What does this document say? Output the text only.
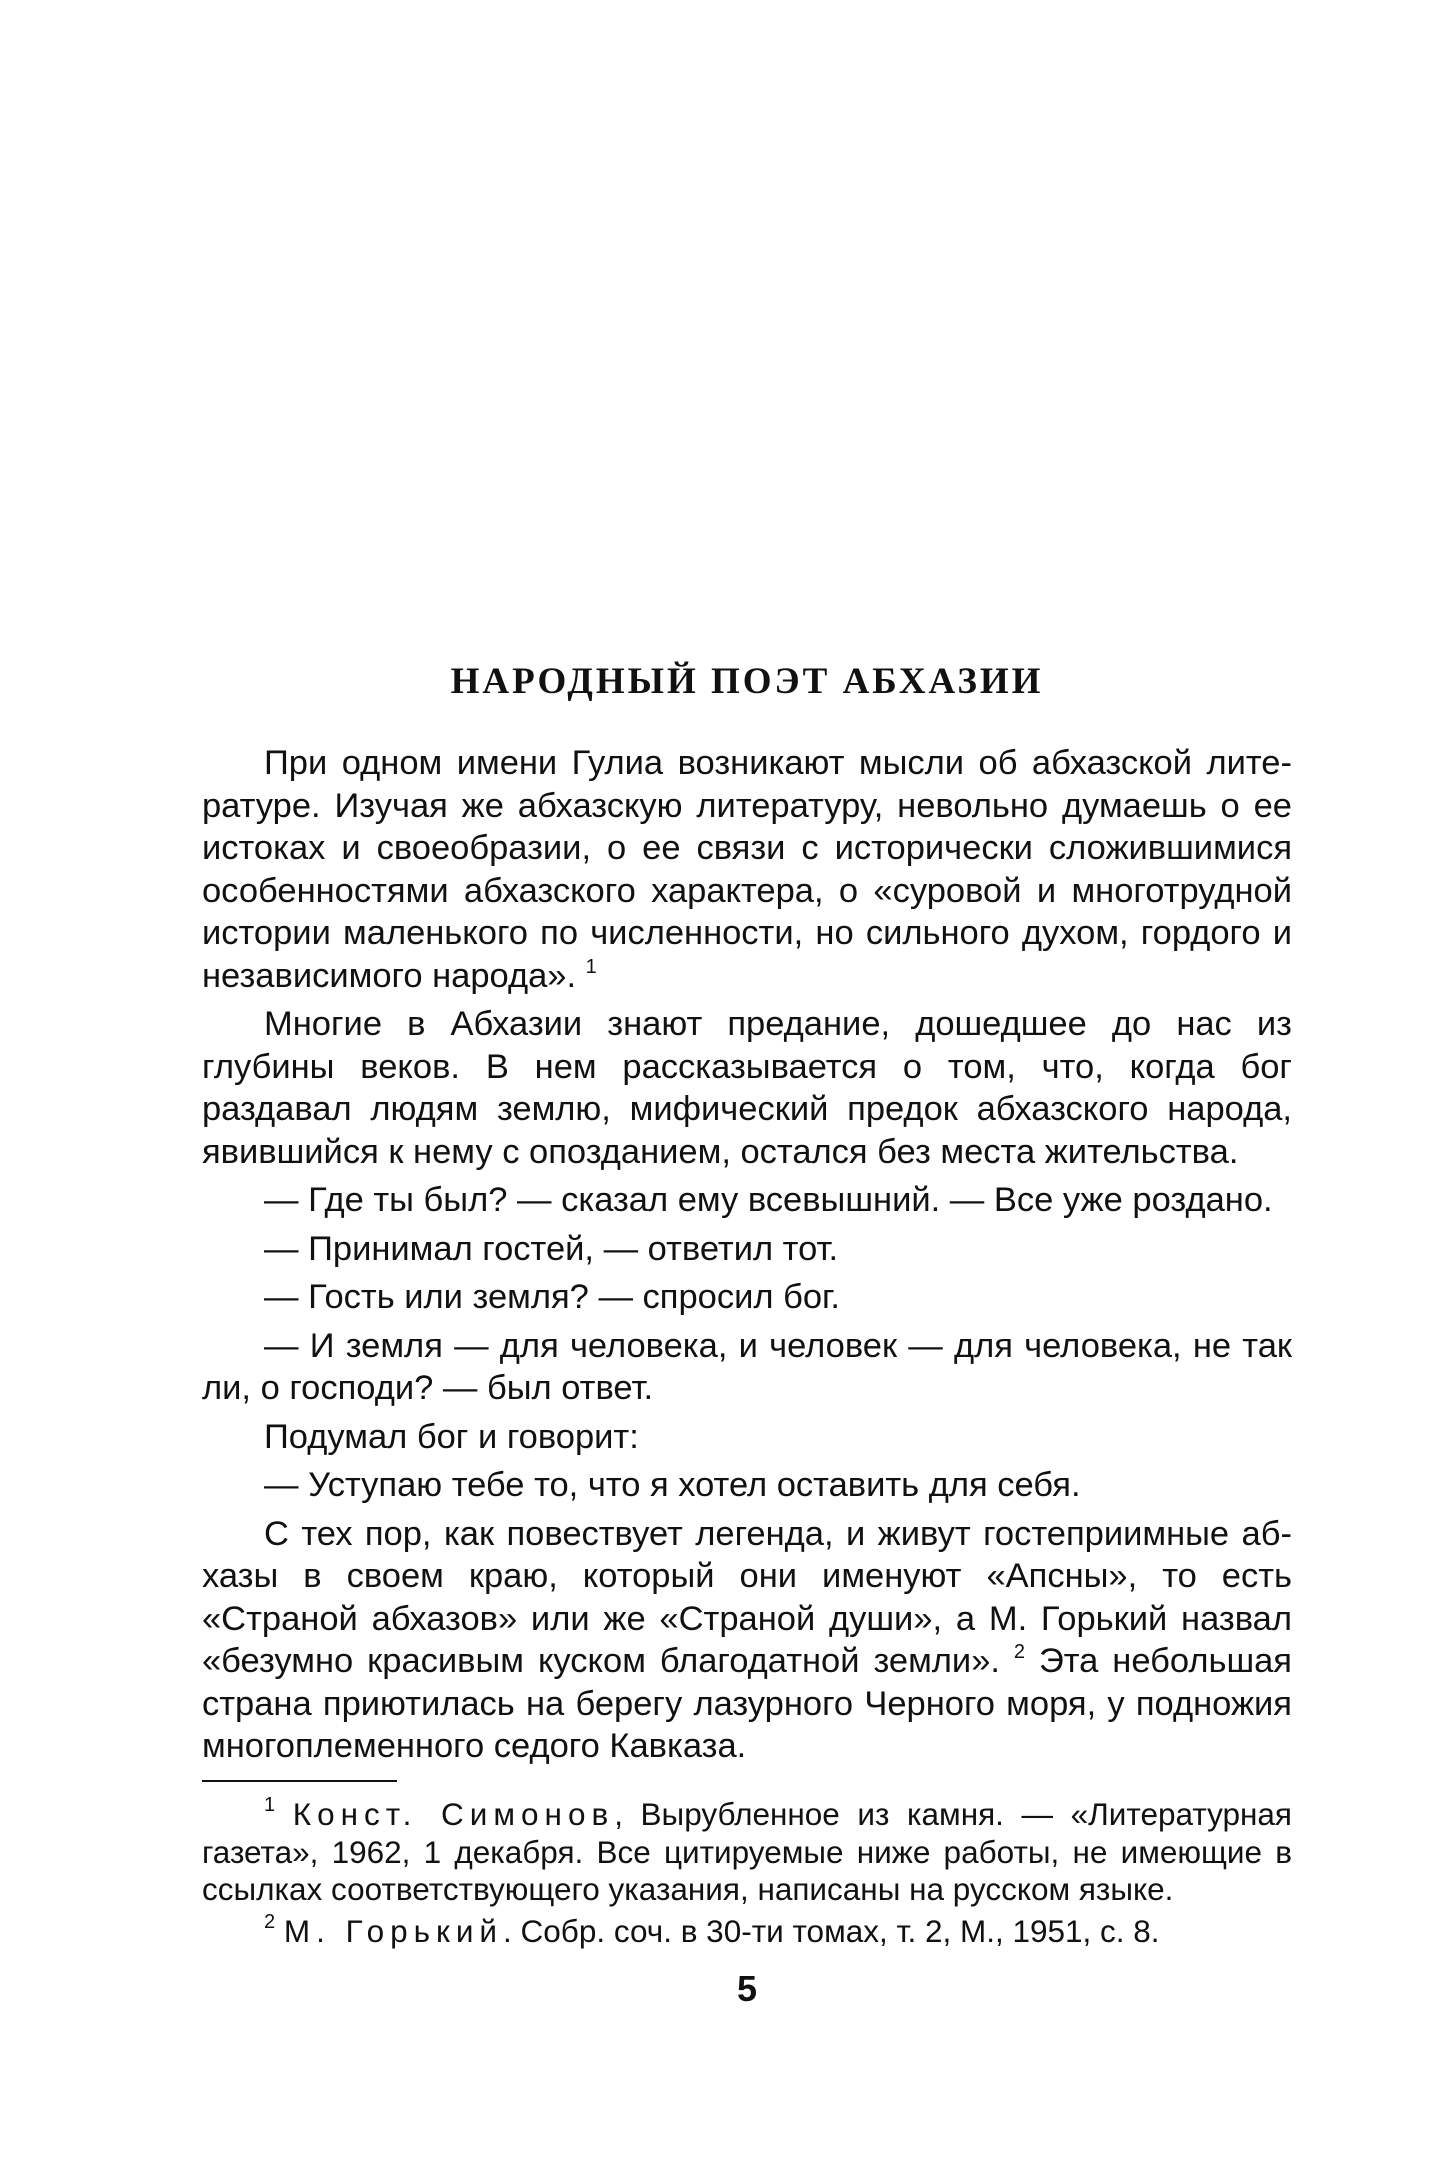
НАРОДНЫЙ ПОЭТ АБХАЗИИ

При одном имени Гулиа возникают мысли об абхазской литературе. Изучая же абхазскую литературу, невольно думаешь о ее истоках и своеобразии, о ее связи с исторически сложившимися особенностями абхазского характера, о «суровой и многотрудной истории маленького по численности, но сильного духом, гордого и независимого народа». $^1$

Многие в Абхазии знают предание, дошедшее до нас из глубины веков. В нем рассказывается о том, что, когда бог раздавал людям землю, мифический предок абхазского народа, явившийся к нему с опозданием, остался без места жительства.

— Где ты был? — сказал ему всевышний. — Все уже роздано.

— Принимал гостей, — ответил тот.

— Гость или земля? — спросил бог.

— И земля — для человека, и человек — для человека, не так ли, о господи? — был ответ.

Подумал бог и говорит:

— Уступаю тебе то, что я хотел оставить для себя.

С тех пор, как повествует легенда, и живут гостеприимные абхазы в своем краю, который они именуют «Апсны», то есть «Страной абхазов» или же «Страной души», а М. Горький назвал «безумно красивым куском благодатной земли». $^2$ Эта небольшая страна приютилась на берегу лазурного Черного моря, у подножия многоплеменного седого Кавказа.

$^1$ Конст. Симонов, Вырубленное из камня. — «Литературная газета», 1962, 1 декабря. Все цитируемые ниже работы, не имеющие в ссылках соответствующего указания, написаны на русском языке.

$^2$ М. Горький. Собр. соч. в 30-ти томах, т. 2, М., 1951, с. 8.

5
